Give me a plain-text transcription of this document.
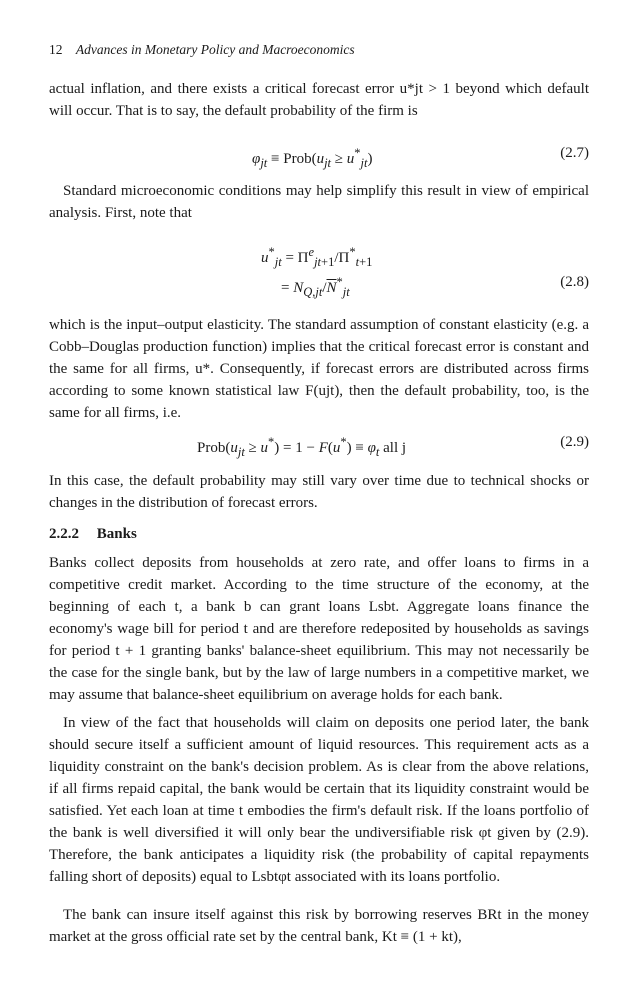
12 Advances in Monetary Policy and Macroeconomics
actual inflation, and there exists a critical forecast error u*jt > 1 beyond which default will occur. That is to say, the default probability of the firm is
$\varphi_{jt}$ ≡ $Prob(u_{jt} \ge u^*_{jt})$	(2.7)
Standard microeconomic conditions may help simplify this result in view of empirical analysis. First, note that
$u^*_{jt} = \Pi^e_{jt+1}/\Pi^*_{t+1}$
= $N_{Q,jt}/\overline{N}^*_{jt}$
(2.8)
which is the input–output elasticity. The standard assumption of constant elasticity (e.g. a Cobb–Douglas production function) implies that the critical forecast error is constant and the same for all firms, u*. Consequently, if forecast errors are distributed across firms according to some known statistical law F(ujt), then the default probability, too, is the same for all firms, i.e.
$Prob(u_{jt} \ge u^*) = 1 - F(u^*) \equiv \varphi_t$ all j	(2.9)
In this case, the default probability may still vary over time due to technical shocks or changes in the distribution of forecast errors.
2.2.2 Banks
Banks collect deposits from households at zero rate, and offer loans to firms in a competitive credit market. According to the time structure of the economy, at the beginning of each t, a bank b can grant loans Lsbt. Aggregate loans finance the economy's wage bill for period t and are therefore redeposited by households as savings for period t + 1 granting banks' balance-sheet equilibrium. This may not necessarily be the case for the single bank, but by the law of large numbers in a competitive market, we may assume that balance-sheet equilibrium on average holds for each bank.
In view of the fact that households will claim on deposits one period later, the bank should secure itself a sufficient amount of liquid resources. This requirement acts as a liquidity constraint on the bank's decision problem. As is clear from the above relations, if all firms repaid capital, the bank would be certain that its liquidity constraint would be satisfied. Yet each loan at time t embodies the firm's default risk. If the loans portfolio of the bank is well diversified it will only bear the undiversifiable risk φt given by (2.9). Therefore, the bank anticipates a liquidity risk (the probability of capital repayments falling short of deposits) equal to Lsbtφt associated with its loans portfolio.
The bank can insure itself against this risk by borrowing reserves BRt in the money market at the gross official rate set by the central bank, Kt ≡ (1 + kt),
